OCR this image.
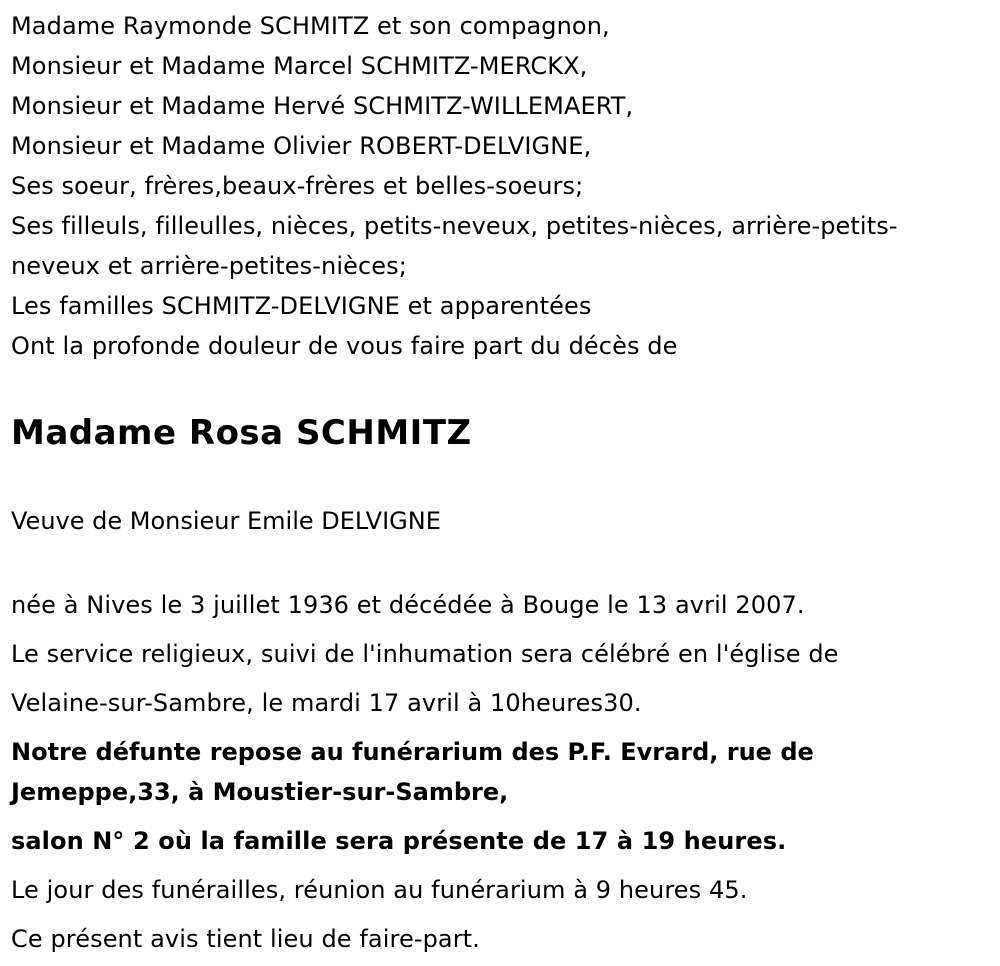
Madame Raymonde SCHMITZ et son compagnon,
Monsieur et Madame Marcel SCHMITZ-MERCKX,
Monsieur et Madame Hervé SCHMITZ-WILLEMAERT,
Monsieur et Madame Olivier ROBERT-DELVIGNE,
Ses soeur, frères,beaux-frères et belles-soeurs;
Ses filleuls, filleulles, nièces, petits-neveux, petites-nièces, arrière-petits-neveux et arrière-petites-nièces;
Les familles SCHMITZ-DELVIGNE et apparentées
Ont la profonde douleur de vous faire part du décès de
Madame Rosa SCHMITZ
Veuve de Monsieur Emile DELVIGNE
née à Nives le 3 juillet 1936 et décédée à Bouge le 13 avril 2007.
Le service religieux, suivi de l'inhumation sera célébré en l'église de
Velaine-sur-Sambre, le mardi 17 avril à 10heures30.
Notre défunte repose au funérarium des P.F. Evrard, rue de Jemeppe,33, à Moustier-sur-Sambre,
salon N° 2 où la famille sera présente de 17 à 19 heures.
Le jour des funérailles, réunion au funérarium à 9 heures 45.
Ce présent avis tient lieu de faire-part.
